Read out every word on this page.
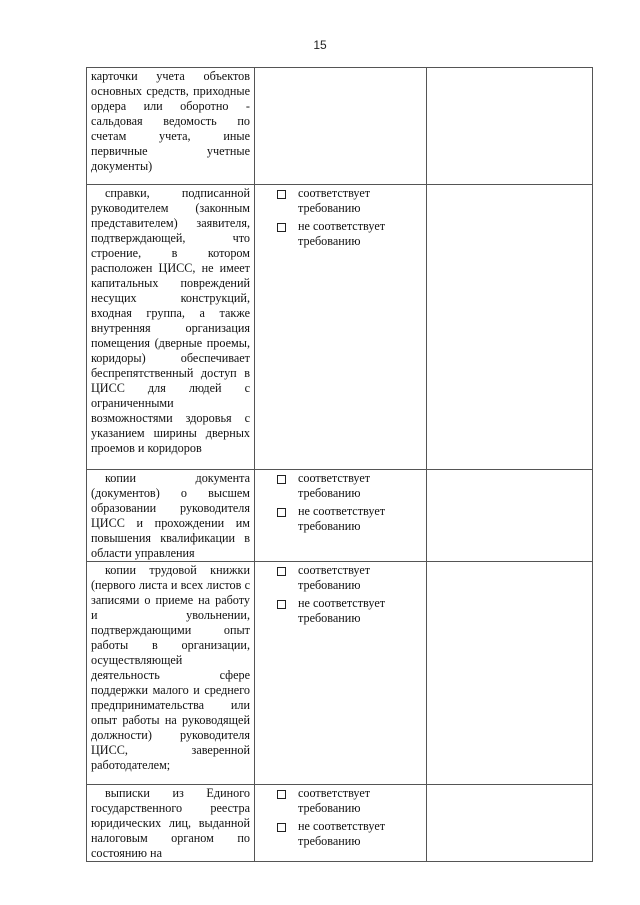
15
карточки учета объектов основных средств, приходные ордера или оборотно - сальдовая ведомость по счетам учета, иные первичные учетные документы)		

справки, подписанной руководителем (законным представителем) заявителя, подтверждающей, что строение, в котором расположен ЦИСС, не имеет капитальных повреждений несущих конструкций, входная группа, а также внутренняя организация помещения (дверные проемы, коридоры) обеспечивает беспрепятственный доступ в ЦИСС для людей с ограниченными возможностями здоровья с указанием ширины дверных проемов и коридоров	соответствует требованию
не соответствует требованию	

копии документа (документов) о высшем образовании руководителя ЦИСС и прохождении им повышения квалификации в области управления	соответствует требованию
не соответствует требованию	

копии трудовой книжки (первого листа и всех листов с записями о приеме на работу и увольнении, подтверждающими опыт работы в организации, осуществляющей деятельность сфере поддержки малого и среднего предпринимательства или опыт работы на руководящей должности) руководителя ЦИСС, заверенной работодателем;	соответствует требованию
не соответствует требованию	

выписки из Единого государственного реестра юридических лиц, выданной налоговым органом по состоянию на	соответствует требованию
не соответствует требованию	
